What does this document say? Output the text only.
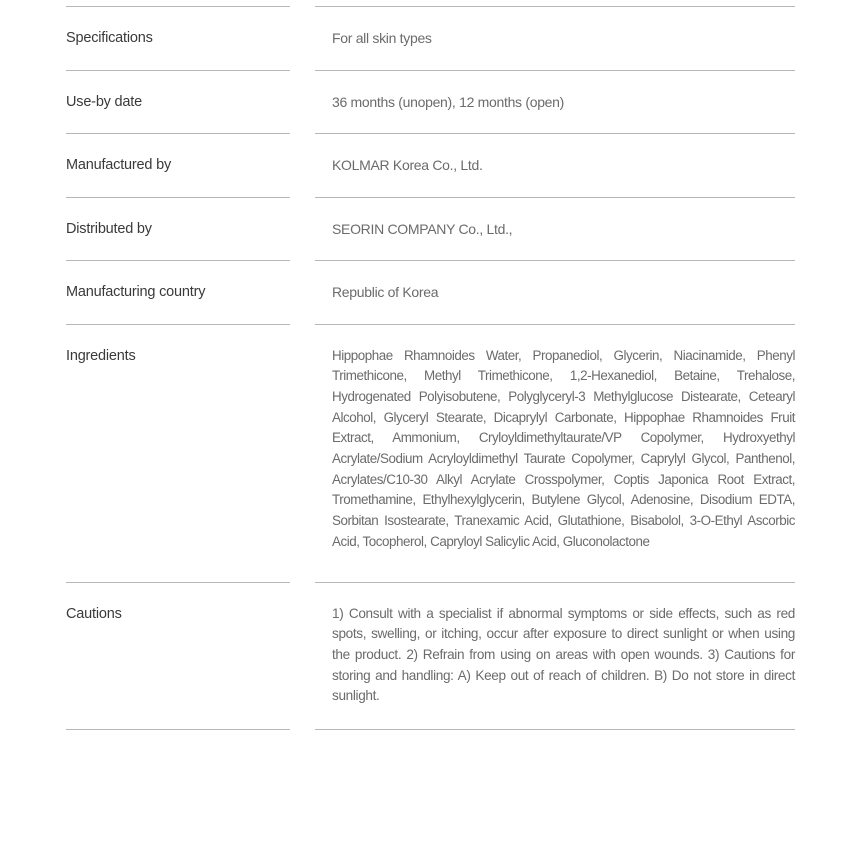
Specifications	For all skin types
Use-by date	36 months (unopen), 12 months (open)
Manufactured by	KOLMAR Korea Co., Ltd.
Distributed by	SEORIN COMPANY Co., Ltd.,
Manufacturing country	Republic of Korea
Ingredients	Hippophae Rhamnoides Water, Propanediol, Glycerin, Niacinamide, Phenyl Trimethicone, Methyl Trimethicone, 1,2-Hexanediol, Betaine, Trehalose, Hydrogenated Polyisobutene, Polyglyceryl-3 Methylglucose Distearate, Cetearyl Alcohol, Glyceryl Stearate, Dicaprylyl Carbonate, Hippophae Rhamnoides Fruit Extract, Ammonium, Cryloyldimethyltaurate/VP Copolymer, Hydroxyethyl Acrylate/Sodium Acryloyldimethyl Taurate Copolymer, Caprylyl Glycol, Panthenol, Acrylates/C10-30 Alkyl Acrylate Crosspolymer, Coptis Japonica Root Extract, Tromethamine, Ethylhexylglycerin, Butylene Glycol, Adenosine, Disodium EDTA, Sorbitan Isostearate, Tranexamic Acid, Glutathione, Bisabolol, 3-O-Ethyl Ascorbic Acid, Tocopherol, Capryloyl Salicylic Acid, Gluconolactone
Cautions	1) Consult with a specialist if abnormal symptoms or side effects, such as red spots, swelling, or itching, occur after exposure to direct sunlight or when using the product. 2) Refrain from using on areas with open wounds. 3) Cautions for storing and handling: A) Keep out of reach of children. B) Do not store in direct sunlight.
